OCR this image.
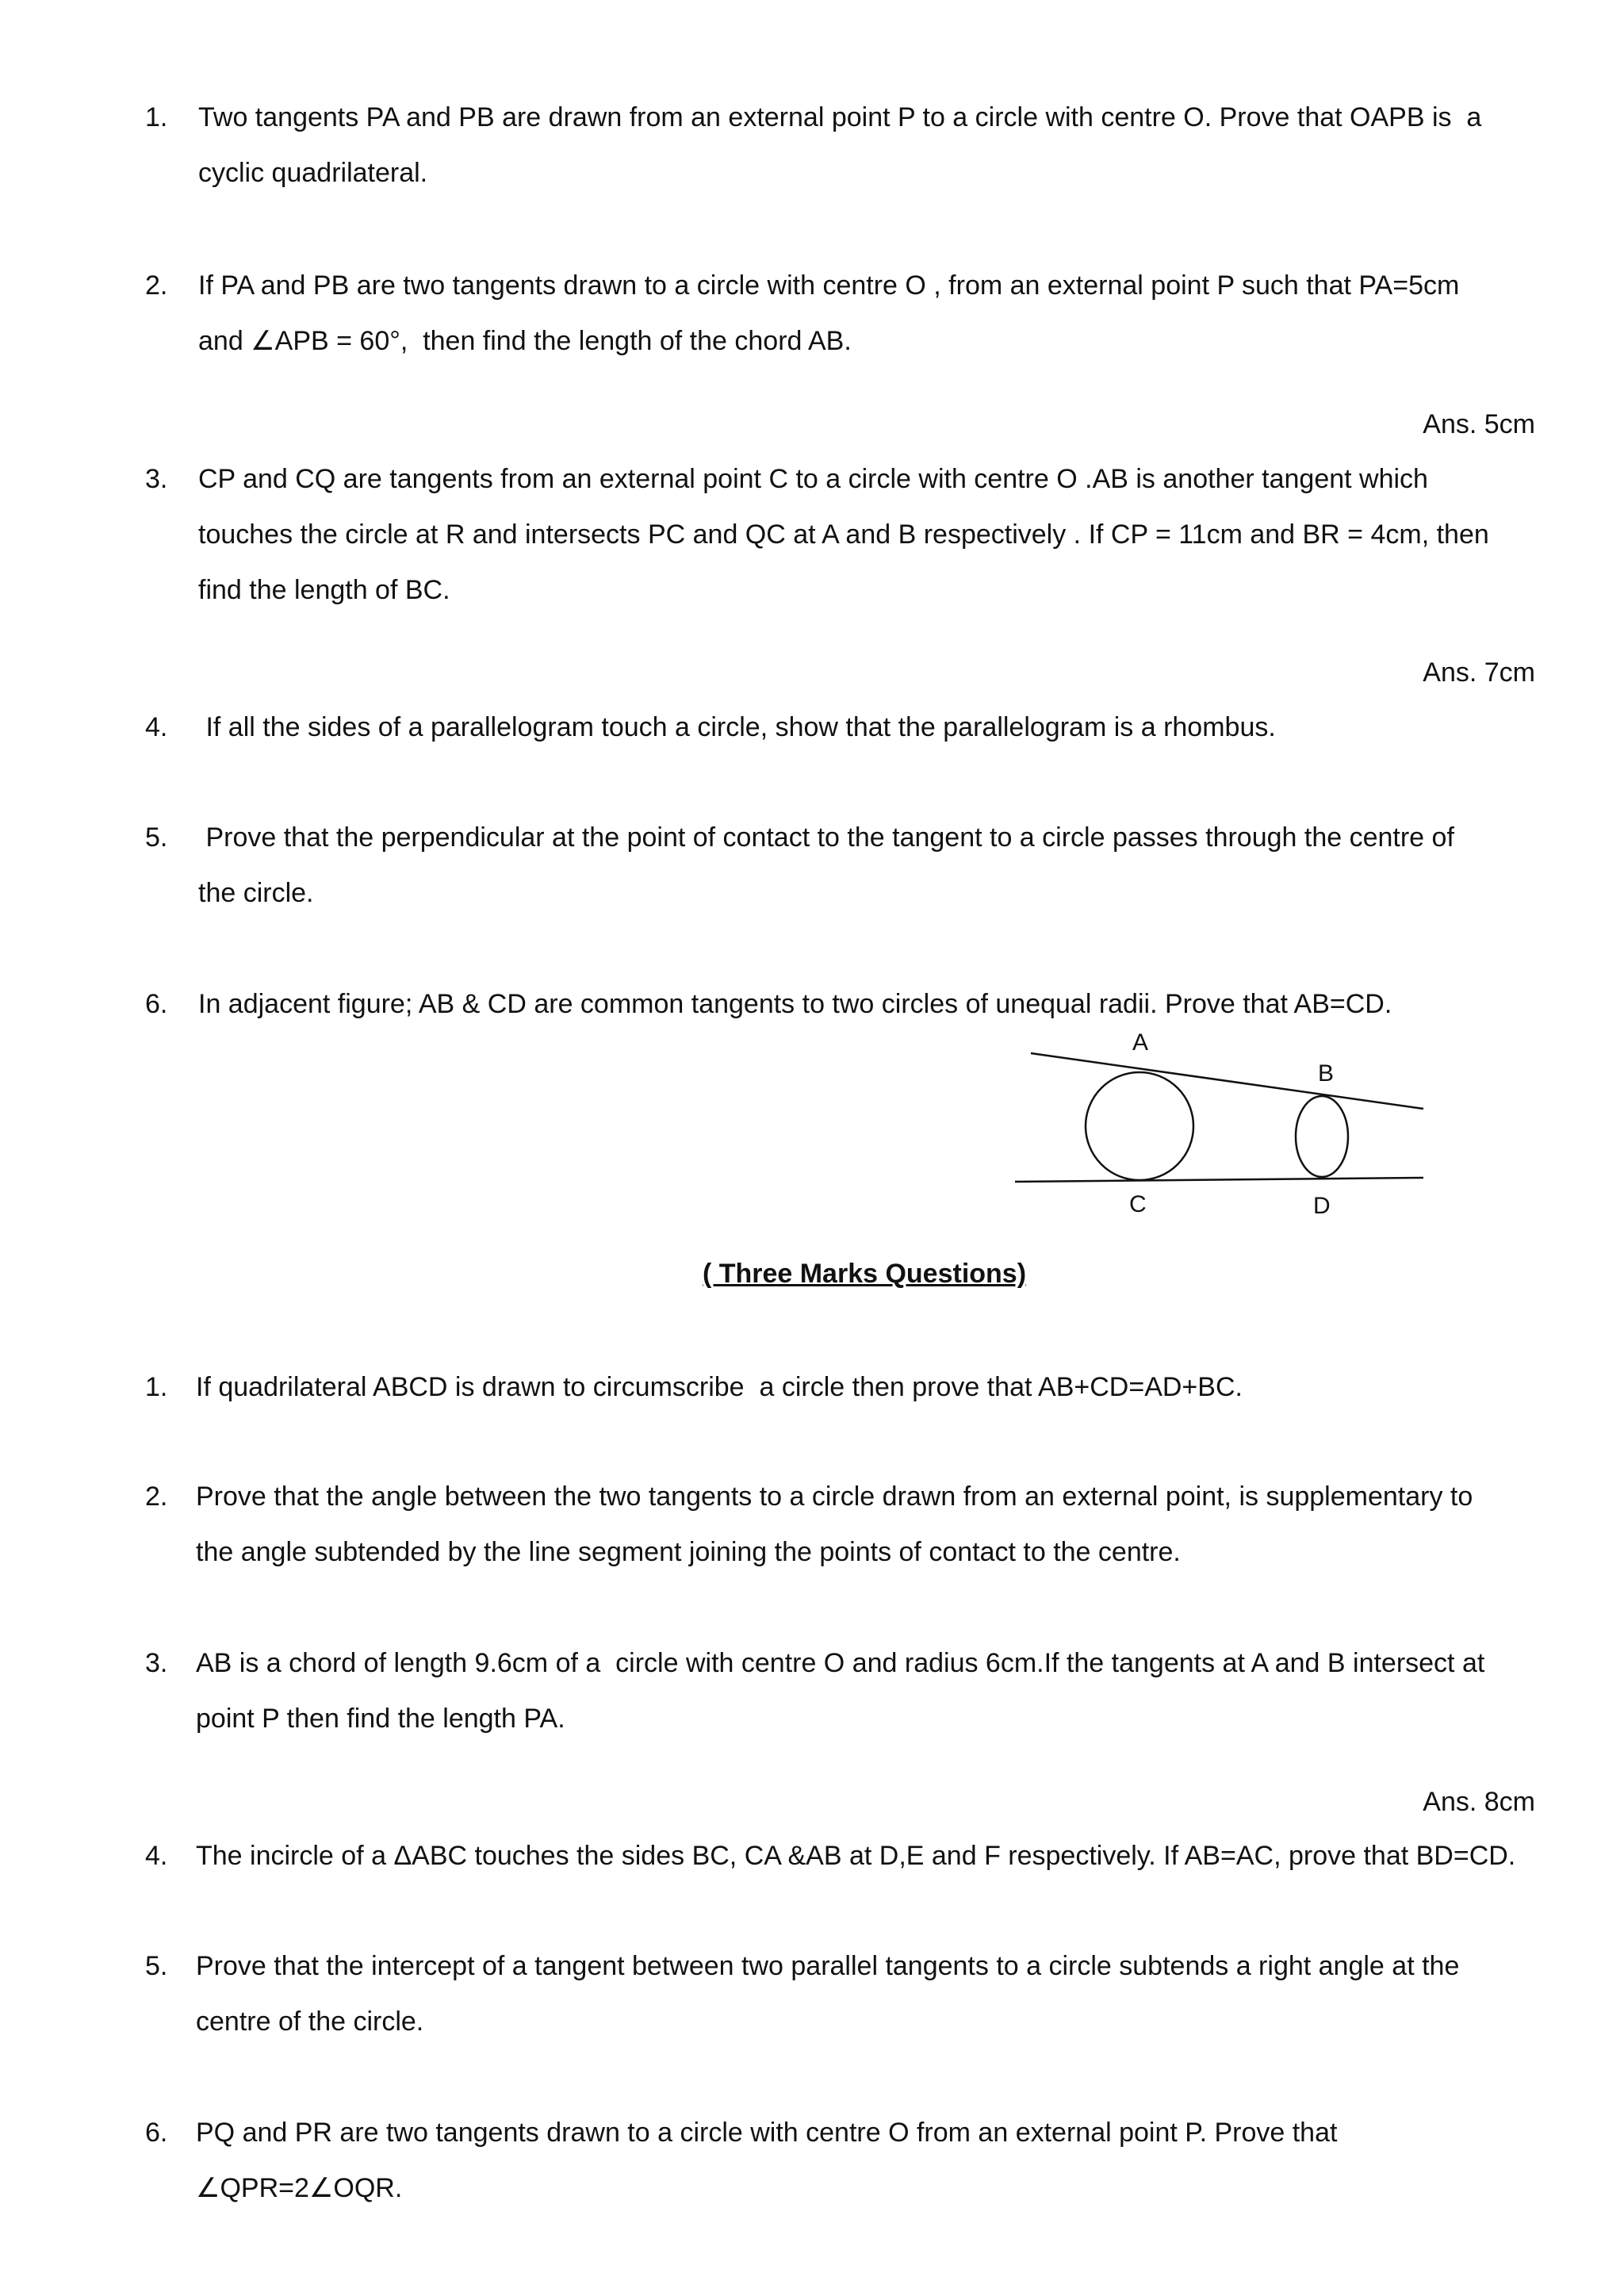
1. Two tangents PA and PB are drawn from an external point P to a circle with centre O. Prove that OAPB is  a
cyclic quadrilateral.
2. If PA and PB are two tangents drawn to a circle with centre O , from an external point P such that PA=5cm
and ∠APB = 60°,  then find the length of the chord AB.
Ans. 5cm
3. CP and CQ are tangents from an external point C to a circle with centre O .AB is another tangent which
touches the circle at R and intersects PC and QC at A and B respectively . If CP = 11cm and BR = 4cm, then
find the length of BC.
Ans. 7cm
4. If all the sides of a parallelogram touch a circle, show that the parallelogram is a rhombus.
5. Prove that the perpendicular at the point of contact to the tangent to a circle passes through the centre of
the circle.
6. In adjacent figure; AB & CD are common tangents to two circles of unequal radii. Prove that AB=CD.
A
B
C	D
( Three Marks Questions)
1. If quadrilateral ABCD is drawn to circumscribe  a circle then prove that AB+CD=AD+BC.
2. Prove that the angle between the two tangents to a circle drawn from an external point, is supplementary to
the angle subtended by the line segment joining the points of contact to the centre.
3. AB is a chord of length 9.6cm of a  circle with centre O and radius 6cm.If the tangents at A and B intersect at
point P then find the length PA.
Ans. 8cm
4. The incircle of a ΔABC touches the sides BC, CA &AB at D,E and F respectively. If AB=AC, prove that BD=CD.
5. Prove that the intercept of a tangent between two parallel tangents to a circle subtends a right angle at the
centre of the circle.
6. PQ and PR are two tangents drawn to a circle with centre O from an external point P. Prove that
∠QPR=2∠OQR.
